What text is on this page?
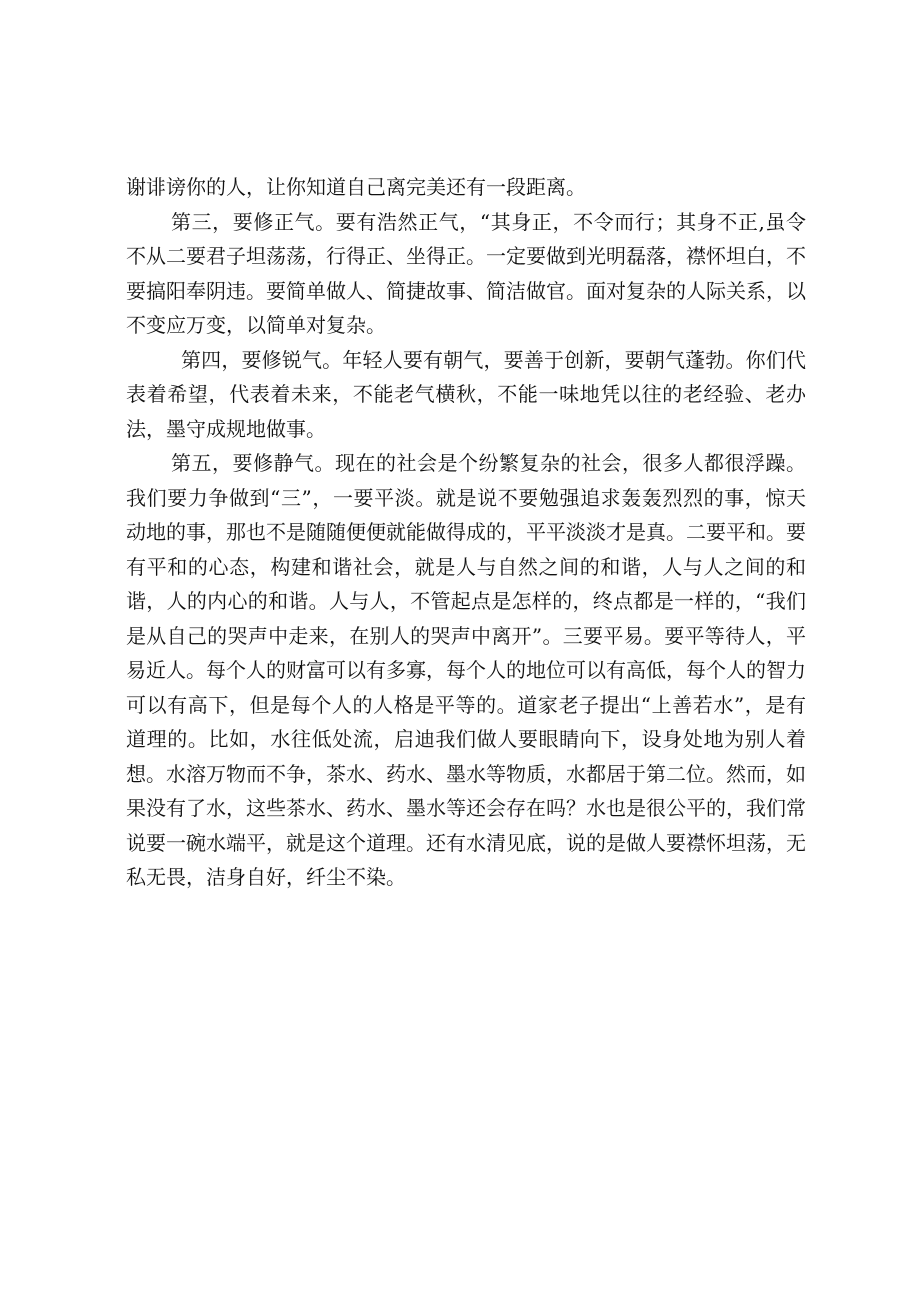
谢诽谤你的人，让你知道自己离完美还有一段距离。

第三，要修正气。要有浩然正气，“其身正，不令而行；其身不正,虽令不从二要君子坦荡荡，行得正、坐得正。一定要做到光明磊落，襟怀坦白，不要搞阳奉阴违。要简单做人、简捷故事、简洁做官。面对复杂的人际关系，以不变应万变，以简单对复杂。

第四，要修锐气。年轻人要有朝气，要善于创新，要朝气蓬勃。你们代表着希望，代表着未来，不能老气横秋，不能一味地凭以往的老经验、老办法，墨守成规地做事。

第五，要修静气。现在的社会是个纷繁复杂的社会，很多人都很浮躁。我们要力争做到“三”，一要平淡。就是说不要勉强追求轰轰烈烈的事，惊天动地的事，那也不是随随便便就能做得成的，平平淡淡才是真。二要平和。要有平和的心态，构建和谐社会，就是人与自然之间的和谐，人与人之间的和谐，人的内心的和谐。人与人，不管起点是怎样的，终点都是一样的，“我们是从自己的哭声中走来，在别人的哭声中离开”。三要平易。要平等待人，平易近人。每个人的财富可以有多寡，每个人的地位可以有高低，每个人的智力可以有高下，但是每个人的人格是平等的。道家老子提出“上善若水”，是有道理的。比如，水往低处流，启迪我们做人要眼睛向下，设身处地为别人着想。水溶万物而不争，茶水、药水、墨水等物质，水都居于第二位。然而，如果没有了水，这些茶水、药水、墨水等还会存在吗？水也是很公平的，我们常说要一碗水端平，就是这个道理。还有水清见底，说的是做人要襟怀坦荡，无私无畏，洁身自好，纤尘不染。
